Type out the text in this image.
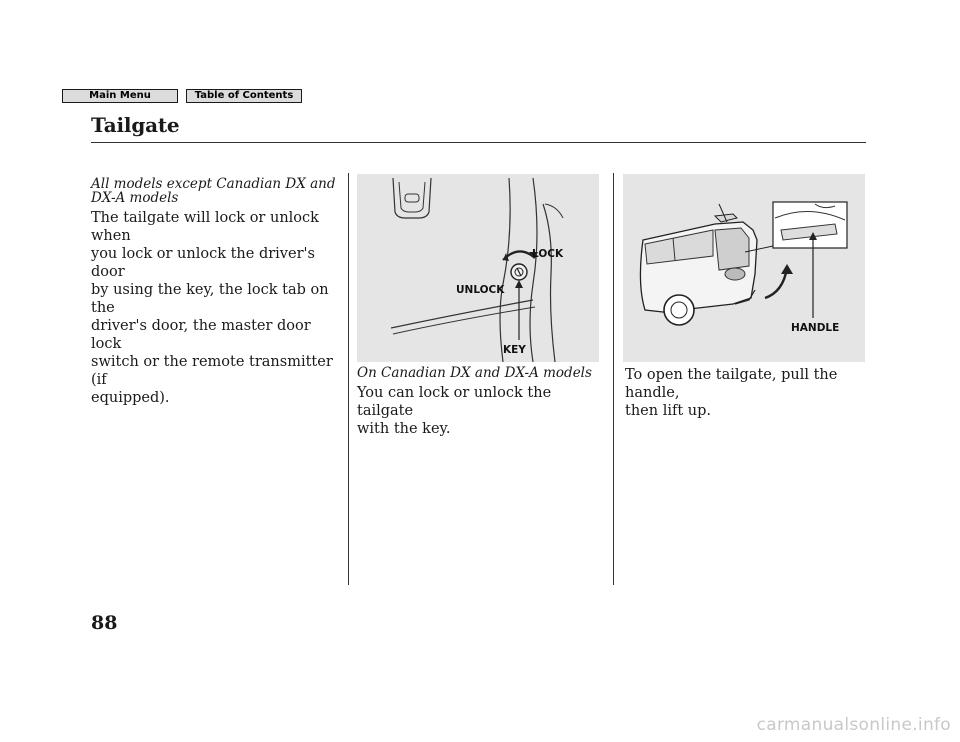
Main Menu	Table of Contents
Tailgate

All models except Canadian DX and
DX-A models

The tailgate will lock or unlock when
you lock or unlock the driver's door
by using the key, the lock tab on the
driver's door, the master door lock
switch or the remote transmitter (if
equipped).

LOCK
UNLOCK
KEY

On Canadian DX and DX-A models

You can lock or unlock the tailgate
with the key.

HANDLE

To open the tailgate, pull the handle,
then lift up.

88

carmanualsonline.info
